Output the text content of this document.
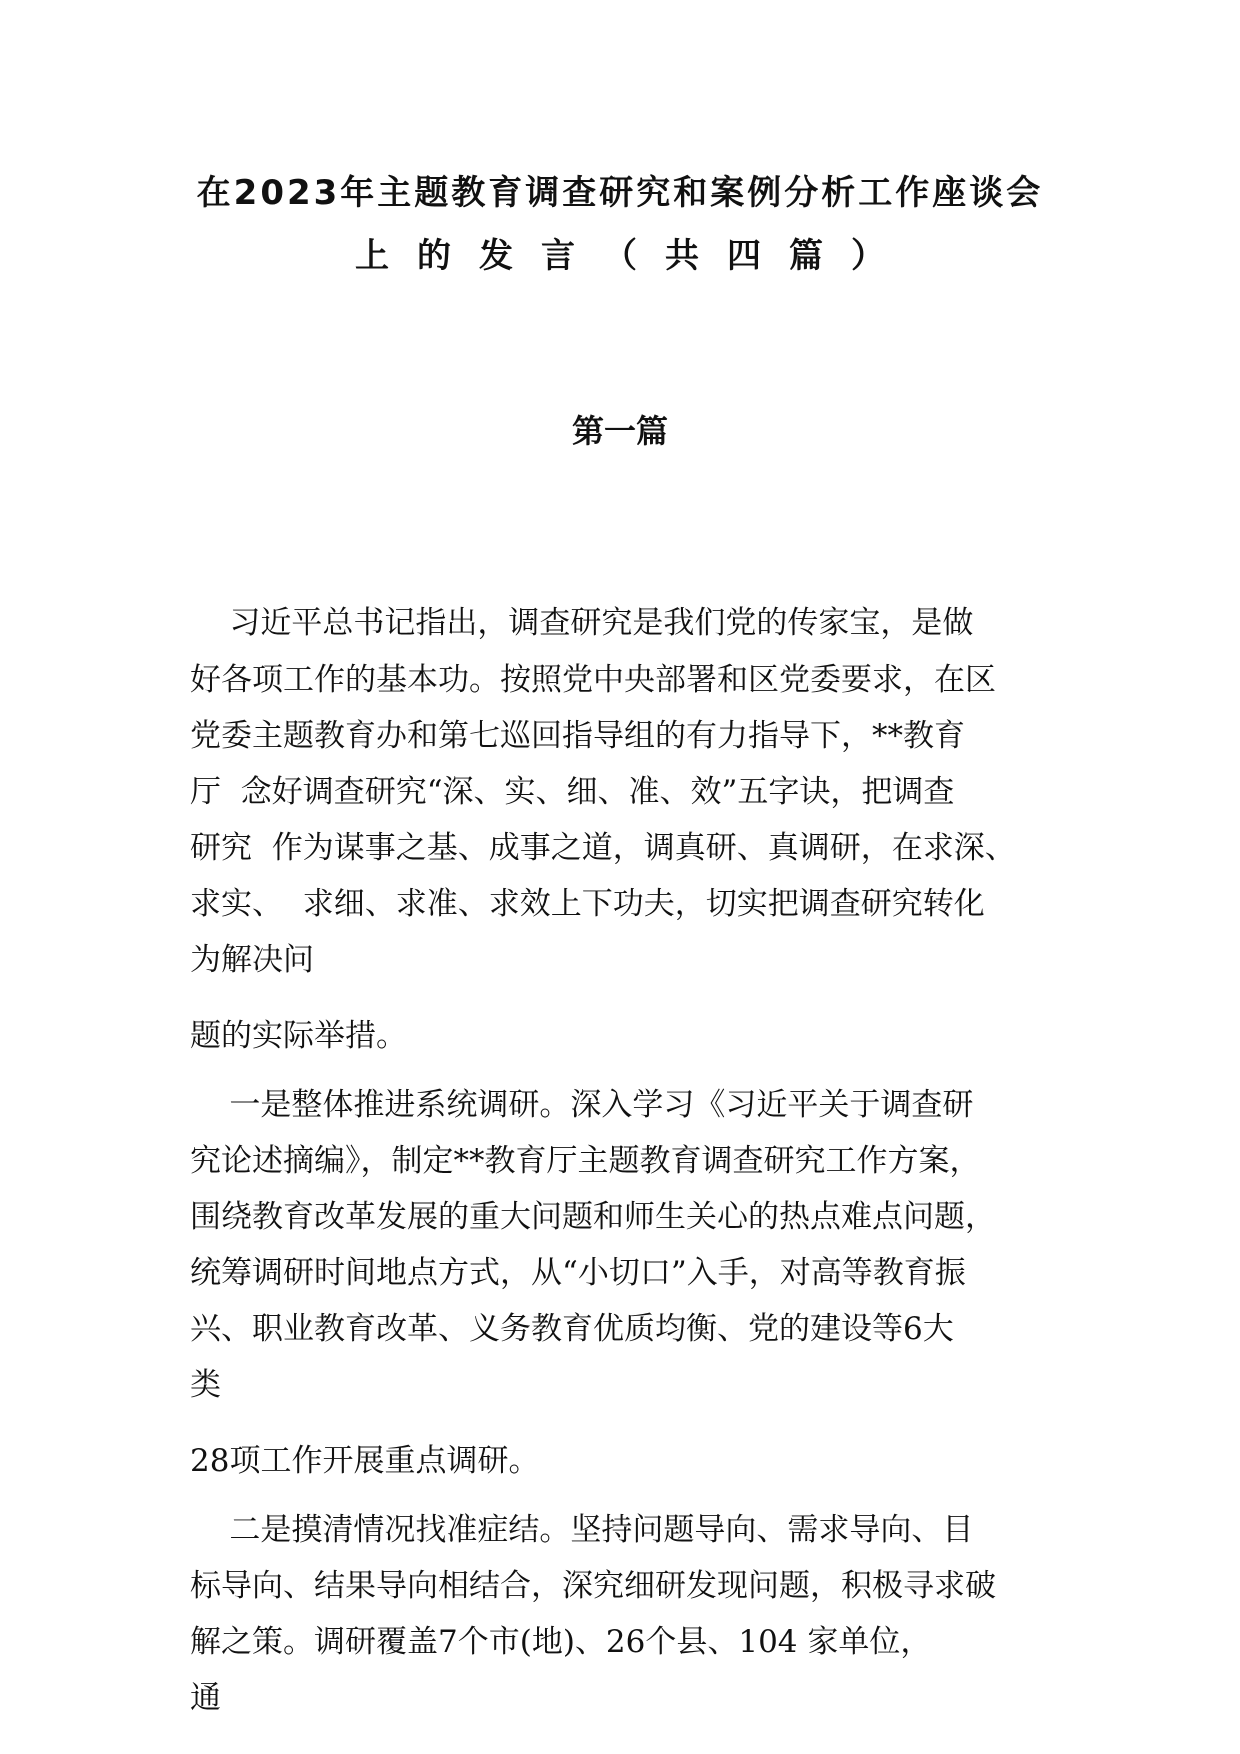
在2023年主题教育调查研究和案例分析工作座谈会
上的发言（共四篇）
第一篇

习近平总书记指出，调查研究是我们党的传家宝，是做

好各项工作的基本功。按照党中央部署和区党委要求，在区

党委主题教育办和第七巡回指导组的有力指导下，**教育

厅  念好调查研究“深、实、细、准、效”五字诀，把调查

研究  作为谋事之基、成事之道，调真研、真调研，在求深、

求实、  求细、求准、求效上下功夫，切实把调查研究转化

为解决问

题的实际举措。

一是整体推进系统调研。深入学习《习近平关于调查研

究论述摘编》，制定**教育厅主题教育调查研究工作方案，

围绕教育改革发展的重大问题和师生关心的热点难点问题，

统筹调研时间地点方式，从“小切口”入手，对高等教育振

兴、职业教育改革、义务教育优质均衡、党的建设等6大

类

28项工作开展重点调研。

二是摸清情况找准症结。坚持问题导向、需求导向、目

标导向、结果导向相结合，深究细研发现问题，积极寻求破

解之策。调研覆盖7个市(地)、26个县、104 家单位，

通
